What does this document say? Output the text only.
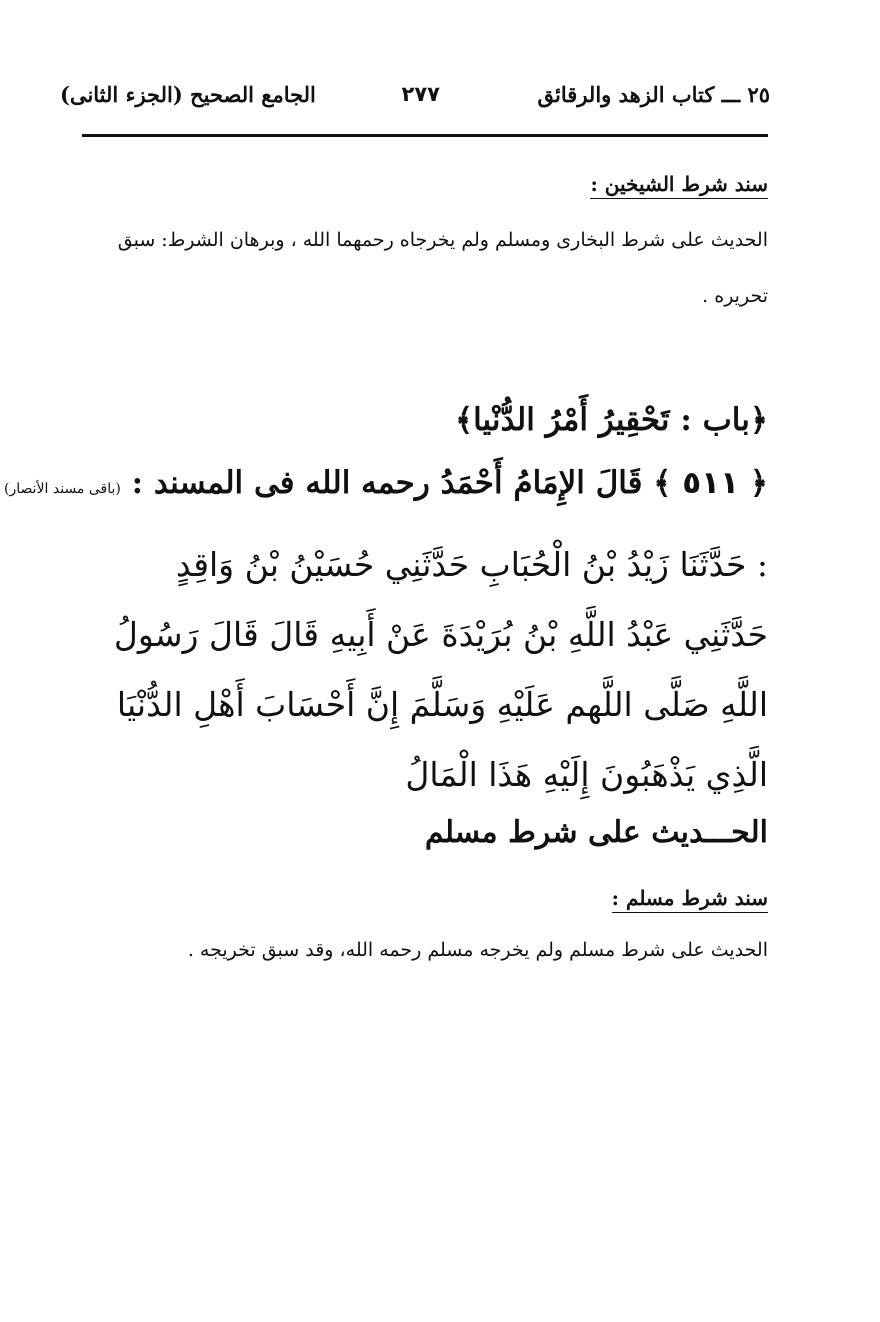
٢٥ ـــ كتاب الزهد والرقائق
٢٧٧
الجامع الصحيح (الجزء الثانى)
سند شرط الشيخين :
الحديث على شرط البخارى ومسلم ولم يخرجاه رحمهما الله ، وبرهان الشرط: سبق تحريره .
﴿باب : تَحْقِيرُ أَمْرُ الدُّنْيا﴾
﴿ ٥١١ ﴾ قَالَ الإِمَامُ أَحْمَدُ رحمه الله فى المسند : (باقى مسند الأنصار)
: حَدَّثَنَا زَيْدُ بْنُ الْحُبَابِ حَدَّثَنِي حُسَيْنُ بْنُ وَاقِدٍ حَدَّثَنِي عَبْدُ اللَّهِ بْنُ بُرَيْدَةَ عَنْ أَبِيهِ قَالَ قَالَ رَسُولُ اللَّهِ صَلَّى اللَّهم عَلَيْهِ وَسَلَّمَ إِنَّ أَحْسَابَ أَهْلِ الدُّنْيَا الَّذِي يَذْهَبُونَ إِلَيْهِ هَذَا الْمَالُ
الحـــديث على شرط مسلم
سند شرط مسلم :
الحديث على شرط مسلم ولم يخرجه مسلم رحمه الله، وقد سبق تخريجه .
